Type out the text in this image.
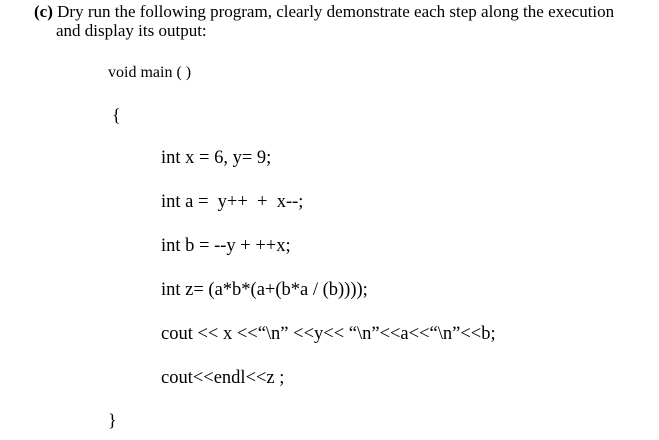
(c) Dry run the following program, clearly demonstrate each step along the execution
and display its output:
void main ( )
{
int x = 6, y= 9;
int a =  y++  +  x--;
int b = --y + ++x;
int z= (a*b*(a+(b*a / (b))));
cout << x <<“\n” <<y<< “\n”<<a<<“\n”<<b;
cout<<endl<<z ;
}
